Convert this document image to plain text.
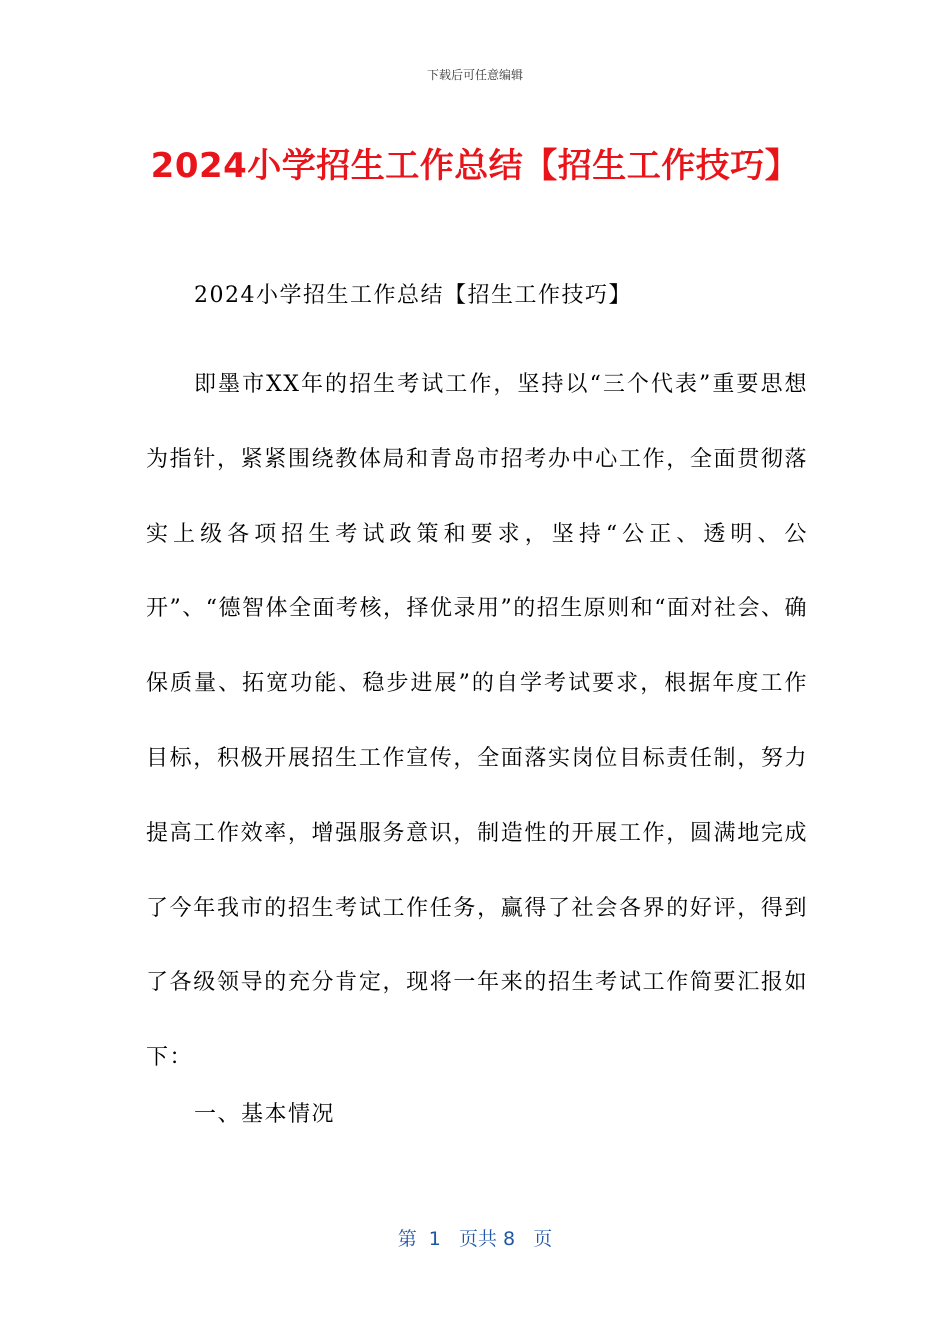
下载后可任意编辑
2024小学招生工作总结【招生工作技巧】
2024小学招生工作总结【招生工作技巧】

即墨市XX年的招生考试工作，坚持以“三个代表”重要思想为指针，紧紧围绕教体局和青岛市招考办中心工作，全面贯彻落实上级各项招生考试政策和要求，坚持“公正、透明、公开”、“德智体全面考核，择优录用”的招生原则和“面对社会、确保质量、拓宽功能、稳步进展”的自学考试要求，根据年度工作目标，积极开展招生工作宣传，全面落实岗位目标责任制，努力提高工作效率，增强服务意识，制造性的开展工作，圆满地完成了今年我市的招生考试工作任务，赢得了社会各界的好评，得到了各级领导的充分肯定，现将一年来的招生考试工作简要汇报如下：

一、基本情况
第  1   页共 8   页
